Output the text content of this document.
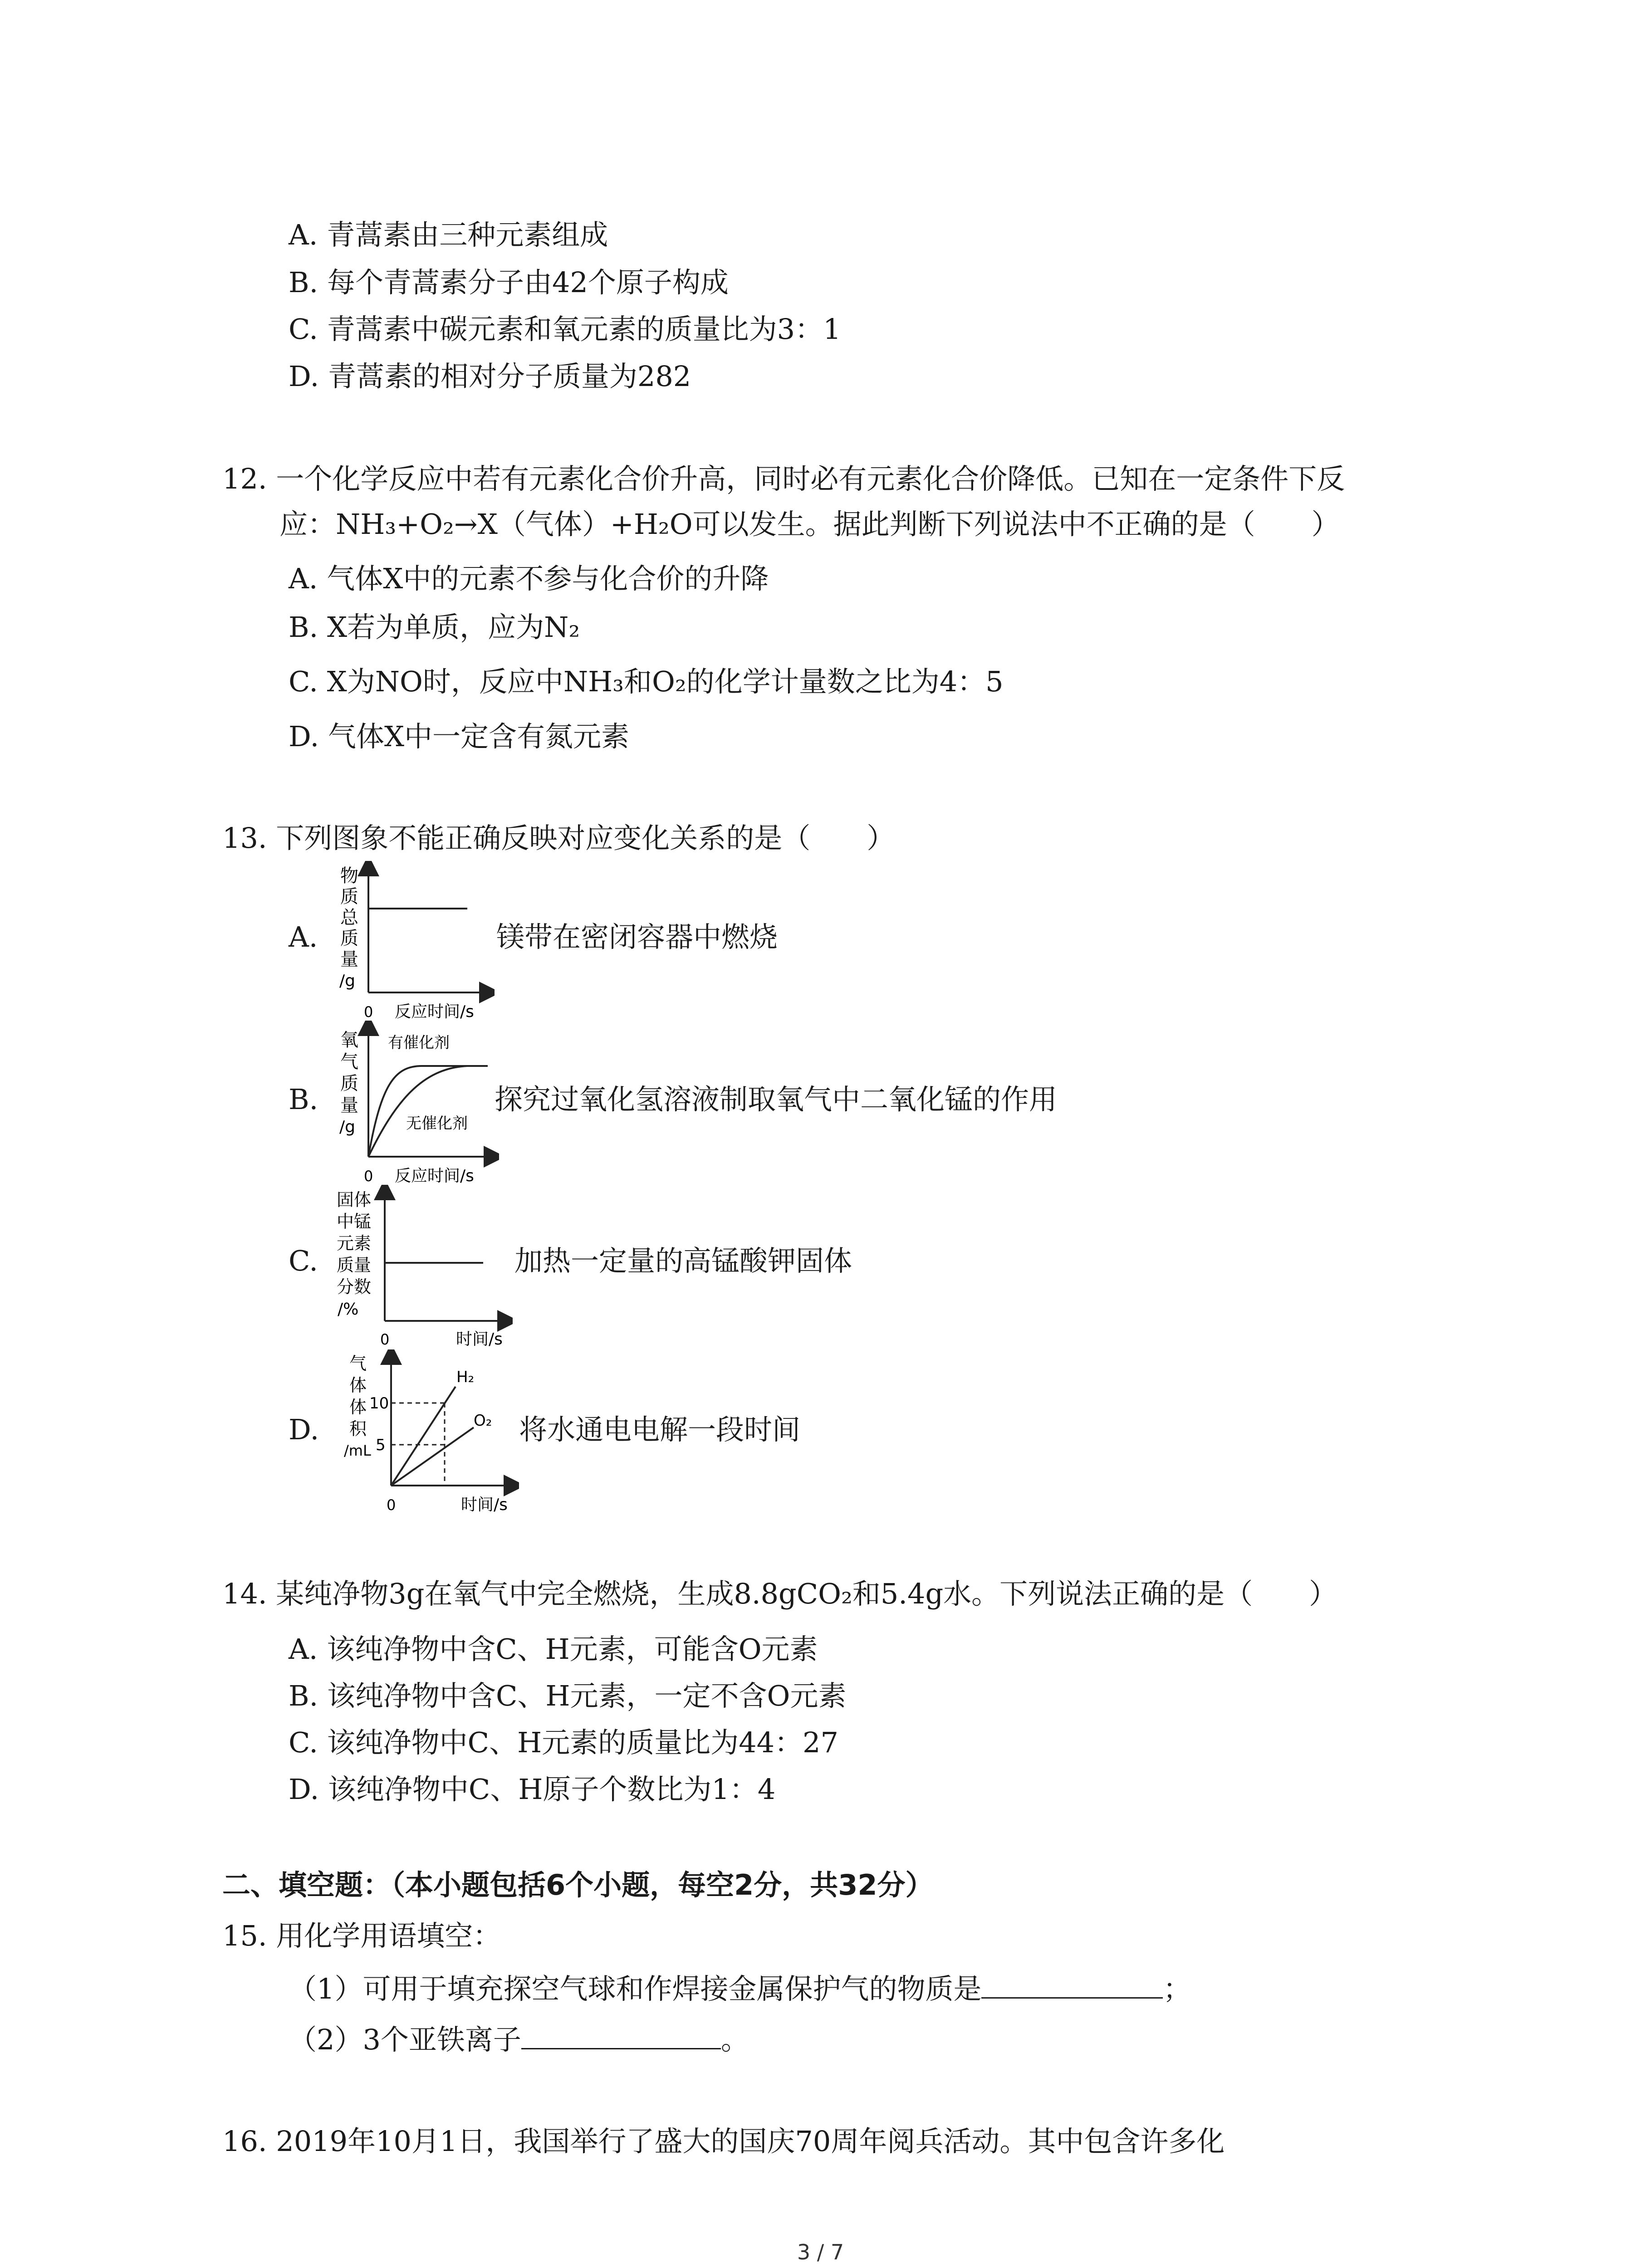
A. 青蒿素由三种元素组成
B. 每个青蒿素分子由42个原子构成
C. 青蒿素中碳元素和氧元素的质量比为3：1
D. 青蒿素的相对分子质量为282
12. 一个化学反应中若有元素化合价升高，同时必有元素化合价降低。已知在一定条件下反
应：NH₃+O₂→X（气体）+H₂O可以发生。据此判断下列说法中不正确的是（　　）
A. 气体X中的元素不参与化合价的升降
B. X若为单质，应为N₂
C. X为NO时，反应中NH₃和O₂的化学计量数之比为4：5
D. 气体X中一定含有氮元素
13. 下列图象不能正确反映对应变化关系的是（　　）
A.
物
质
总
质
量
/g
0 反应时间/s
镁带在密闭容器中燃烧
B.
有催化剂
无催化剂
氧
气
质
量
/g
0 反应时间/s
探究过氧化氢溶液制取氧气中二氧化锰的作用
C.
固体
中锰
元素
质量
分数
/%
0	时间/s
加热一定量的高锰酸钾固体
D.
H₂
O₂
10
5
气
体
体
积
/mL
0	时间/s
将水通电电解一段时间
14. 某纯净物3g在氧气中完全燃烧，生成8.8gCO₂和5.4g水。下列说法正确的是（　　）
A. 该纯净物中含C、H元素，可能含O元素
B. 该纯净物中含C、H元素，一定不含O元素
C. 该纯净物中C、H元素的质量比为44：27
D. 该纯净物中C、H原子个数比为1：4
二、填空题：（本小题包括6个小题，每空2分，共32分）
15. 用化学用语填空：
（1）可用于填充探空气球和作焊接金属保护气的物质是	；
（2）3个亚铁离子	。
16. 2019年10月1日，我国举行了盛大的国庆70周年阅兵活动。其中包含许多化
3 / 7
